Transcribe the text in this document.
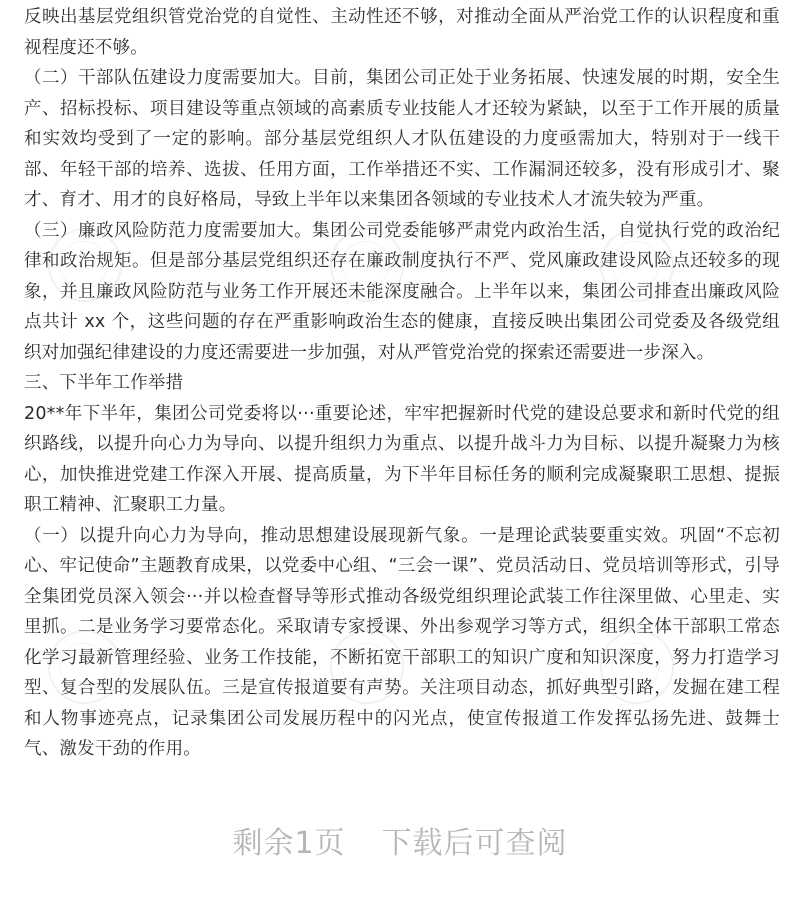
反映出基层党组织管党治党的自觉性、主动性还不够，对推动全面从严治党工作的认识程度和重视程度还不够。

（二）干部队伍建设力度需要加大。目前，集团公司正处于业务拓展、快速发展的时期，安全生产、招标投标、项目建设等重点领域的高素质专业技能人才还较为紧缺，以至于工作开展的质量和实效均受到了一定的影响。部分基层党组织人才队伍建设的力度亟需加大，特别对于一线干部、年轻干部的培养、选拔、任用方面，工作举措还不实、工作漏洞还较多，没有形成引才、聚才、育才、用才的良好格局，导致上半年以来集团各领域的专业技术人才流失较为严重。

（三）廉政风险防范力度需要加大。集团公司党委能够严肃党内政治生活，自觉执行党的政治纪律和政治规矩。但是部分基层党组织还存在廉政制度执行不严、党风廉政建设风险点还较多的现象，并且廉政风险防范与业务工作开展还未能深度融合。上半年以来，集团公司排查出廉政风险点共计 xx 个，这些问题的存在严重影响政治生态的健康，直接反映出集团公司党委及各级党组织对加强纪律建设的力度还需要进一步加强，对从严管党治党的探索还需要进一步深入。

三、下半年工作举措

20**年下半年，集团公司党委将以···重要论述，牢牢把握新时代党的建设总要求和新时代党的组织路线，以提升向心力为导向、以提升组织力为重点、以提升战斗力为目标、以提升凝聚力为核心，加快推进党建工作深入开展、提高质量，为下半年目标任务的顺利完成凝聚职工思想、提振职工精神、汇聚职工力量。

（一）以提升向心力为导向，推动思想建设展现新气象。一是理论武装要重实效。巩固“不忘初心、牢记使命”主题教育成果，以党委中心组、“三会一课”、党员活动日、党员培训等形式，引导全集团党员深入领会···并以检查督导等形式推动各级党组织理论武装工作往深里做、心里走、实里抓。二是业务学习要常态化。采取请专家授课、外出参观学习等方式，组织全体干部职工常态化学习最新管理经验、业务工作技能，不断拓宽干部职工的知识广度和知识深度，努力打造学习型、复合型的发展队伍。三是宣传报道要有声势。关注项目动态，抓好典型引路，发掘在建工程和人物事迹亮点，记录集团公司发展历程中的闪光点，使宣传报道工作发挥弘扬先进、鼓舞士气、激发干劲的作用。

剩余1页 下载后可查阅
